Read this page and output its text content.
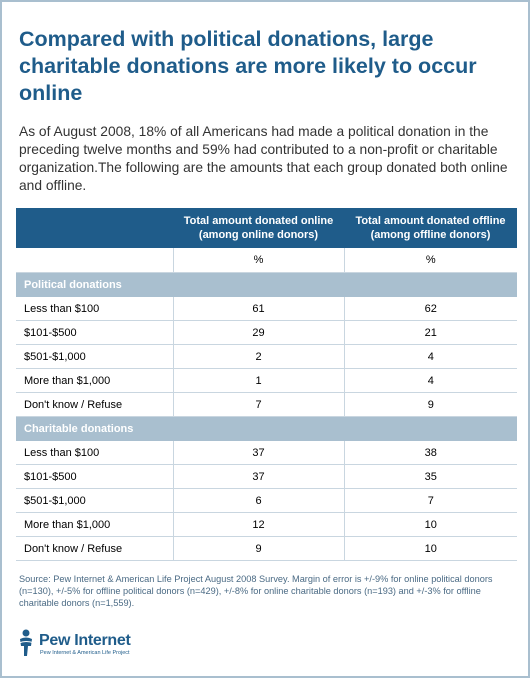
Compared with political donations, large charitable donations are more likely to occur online

As of August 2008, 18% of all Americans had made a political donation in the preceding twelve months and 59% had contributed to a non-profit or charitable organization.The following are the amounts that each group donated both online and offline.

	Total amount donated online (among online donors)	Total amount donated offline (among offline donors)
	%	%
Political donations		
Less than $100	61	62
$101-$500	29	21
$501-$1,000	2	4
More than $1,000	1	4
Don't know / Refuse	7	9
Charitable donations		
Less than $100	37	38
$101-$500	37	35
$501-$1,000	6	7
More than $1,000	12	10
Don't know / Refuse	9	10

Source: Pew Internet & American Life Project August 2008 Survey. Margin of error is +/-9% for online political donors (n=130), +/-5% for offline political donors (n=429), +/-8% for online charitable donors (n=193) and +/-3% for offline charitable donors (n=1,559).

Pew Internet
Pew Internet & American Life Project
